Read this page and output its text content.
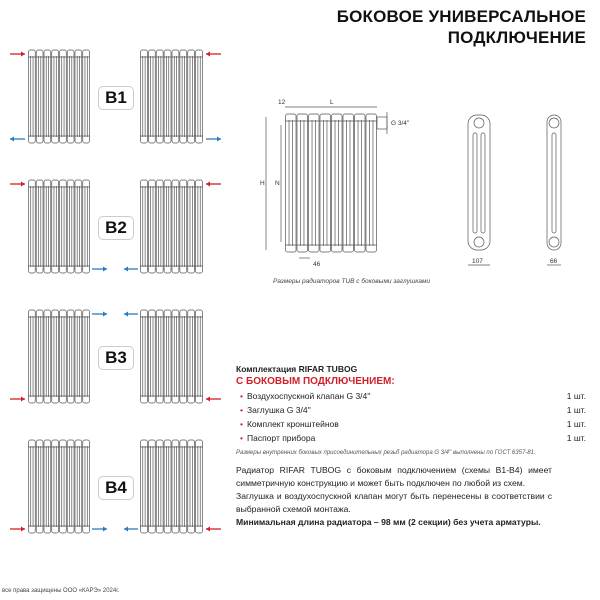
БОКОВОЕ УНИВЕРСАЛЬНОЕ
ПОДКЛЮЧЕНИЕ
B1
B2
B3
B4
12	L
H N
46
G 3/4''
107	66
Размеры радиаторов TUB с боковыми заглушками
Комплектация RIFAR TUBOG
С БОКОВЫМ ПОДКЛЮЧЕНИЕМ:
• Воздухоспускной клапан G 3/4''	1 шт.
• Заглушка G 3/4''	1 шт.
• Комплект кронштейнов	1 шт.
• Паспорт прибора	1 шт.
Размеры внутренних боковых присоединительных резьб радиатора G 3/4'' выполнены по ГОСТ 6357-81.

Радиатор RIFAR TUBOG с боковым подключением (схемы B1-B4) имеет симметричную конструкцию и может быть подключен по любой из схем.

Заглушка и воздухоспускной клапан могут быть перенесены в соответствии с выбранной схемой монтажа.

Минимальная длина радиатора – 98 мм (2 секции) без учета арматуры.

все права защищены ООО «КАРЭ» 2024г.
